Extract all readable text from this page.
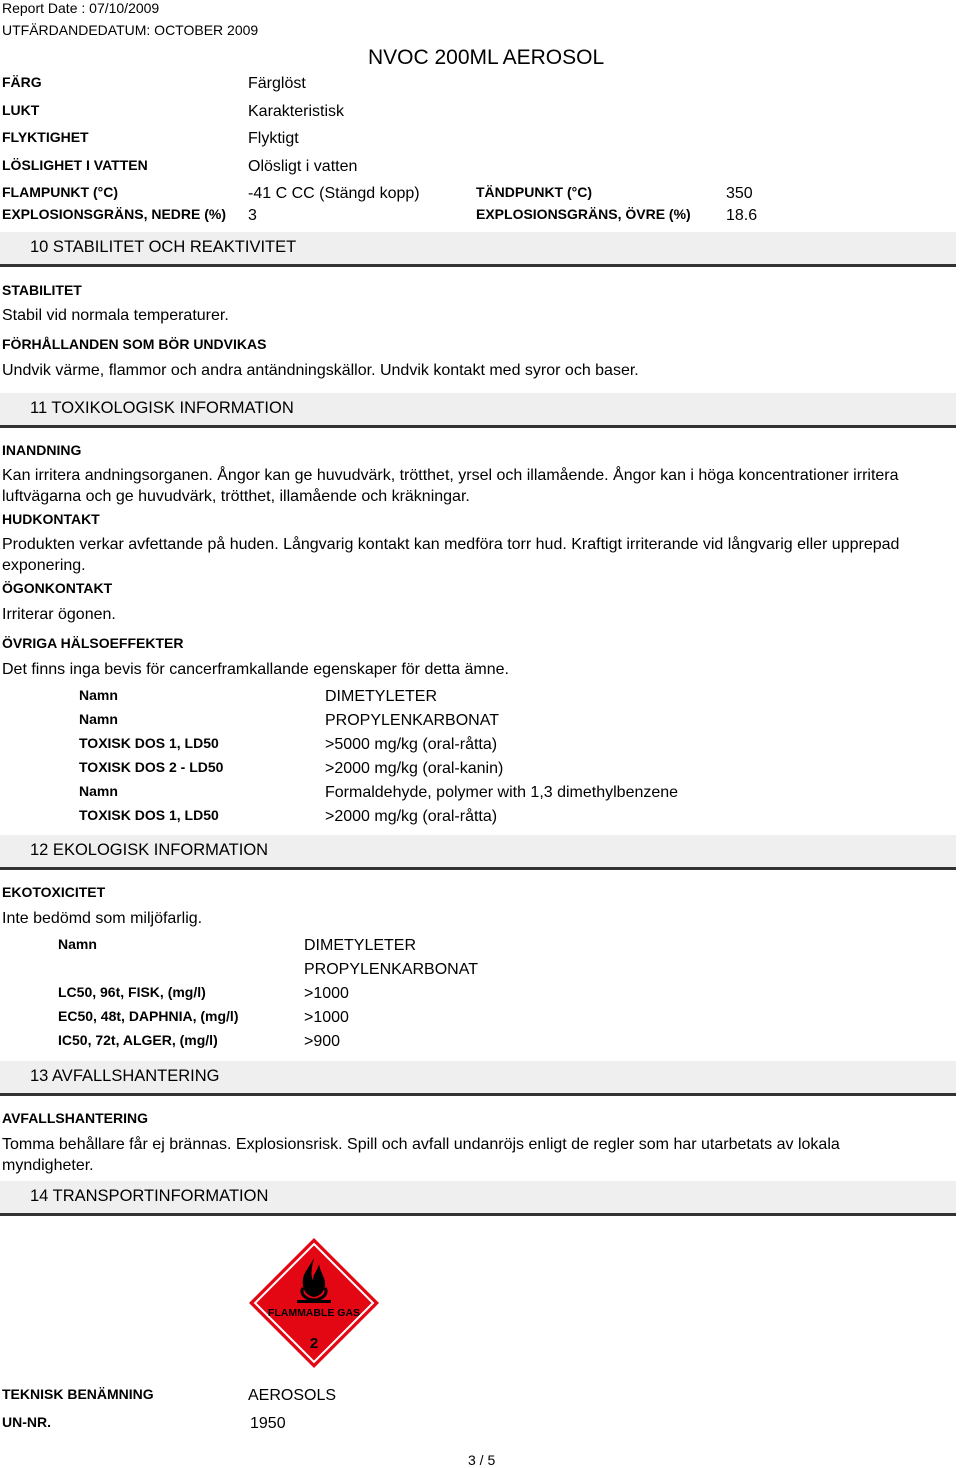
Report Date : 07/10/2009
UTFÄRDANDEDATUM: OCTOBER 2009
NVOC 200ML AEROSOL
FÄRG	Färglöst
LUKT	Karakteristisk
FLYKTIGHET	Flyktigt
LÖSLIGHET I VATTEN	Olösligt i vatten
FLAMPUNKT (°C)	-41 C CC (Stängd kopp)	TÄNDPUNKT (°C)	350
EXPLOSIONSGRÄNS, NEDRE (%) 3	EXPLOSIONSGRÄNS, ÖVRE (%) 18.6
10 STABILITET OCH REAKTIVITET
STABILITET
Stabil vid normala temperaturer.
FÖRHÅLLANDEN SOM BÖR UNDVIKAS
Undvik värme, flammor och andra antändningskällor. Undvik kontakt med syror och baser.
11 TOXIKOLOGISK INFORMATION
INANDNING
Kan irritera andningsorganen. Ångor kan ge huvudvärk, trötthet, yrsel och illamående. Ångor kan i höga koncentrationer irritera luftvägarna och ge huvudvärk, trötthet, illamående och kräkningar.
HUDKONTAKT
Produkten verkar avfettande på huden. Långvarig kontakt kan medföra torr hud. Kraftigt irriterande vid långvarig eller upprepad exponering.
ÖGONKONTAKT
Irriterar ögonen.
ÖVRIGA HÄLSOEFFEKTER
Det finns inga bevis för cancerframkallande egenskaper för detta ämne.
Namn	DIMETYLETER
Namn	PROPYLENKARBONAT
TOXISK DOS 1, LD50	>5000 mg/kg (oral-råtta)
TOXISK DOS 2 - LD50	>2000 mg/kg (oral-kanin)
Namn	Formaldehyde, polymer with 1,3 dimethylbenzene
TOXISK DOS 1, LD50	>2000 mg/kg (oral-råtta)
12 EKOLOGISK INFORMATION
EKOTOXICITET
Inte bedömd som miljöfarlig.
Namn	DIMETYLETER
PROPYLENKARBONAT
LC50, 96t, FISK, (mg/l)	>1000
EC50, 48t, DAPHNIA, (mg/l)	>1000
IC50, 72t, ALGER, (mg/l)	>900
13 AVFALLSHANTERING
AVFALLSHANTERING
Tomma behållare får ej brännas. Explosionsrisk. Spill och avfall undanröjs enligt de regler som har utarbetats av lokala myndigheter.
14 TRANSPORTINFORMATION
FLAMMABLE GAS
2
TEKNISK BENÄMNING	AEROSOLS
UN-NR.	1950
3 / 5
